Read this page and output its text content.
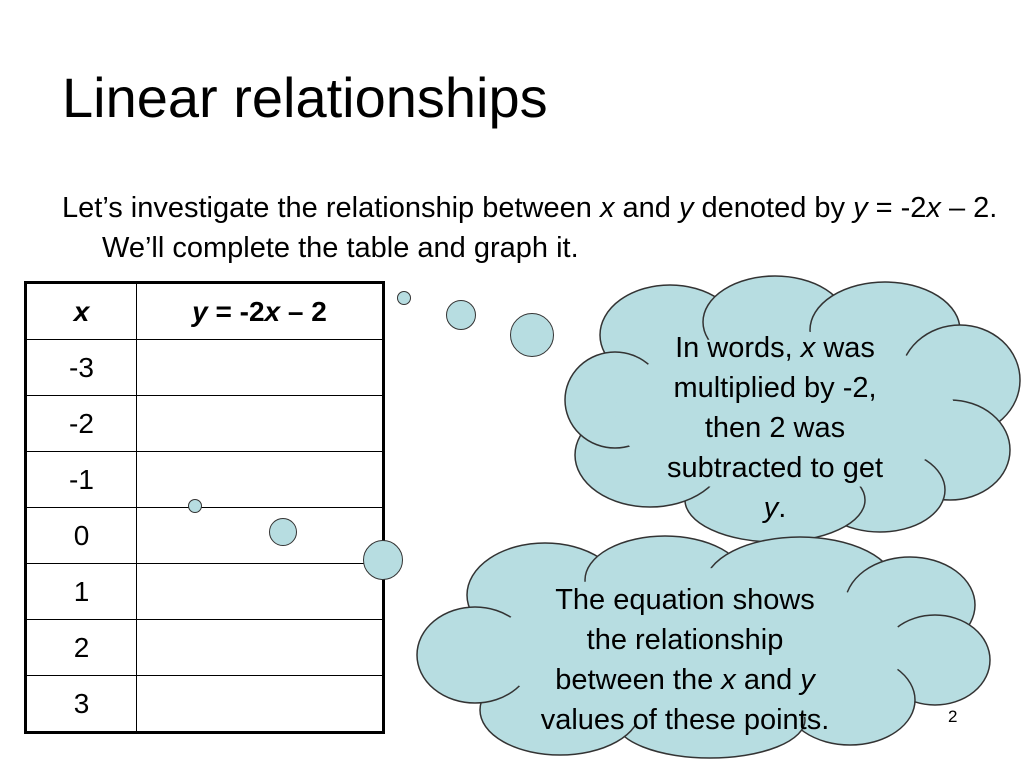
Linear relationships
Let’s investigate the relationship between x and y denoted by y = -2x – 2. We’ll complete the table and graph it.
x	y = -2x – 2
-3	
-2	
-1	
0	
1	
2	
3	
In words, x was
multiplied by -2,
then 2 was
subtracted to get
y.
The equation shows
the relationship
between the x and y
values of these points.	2
